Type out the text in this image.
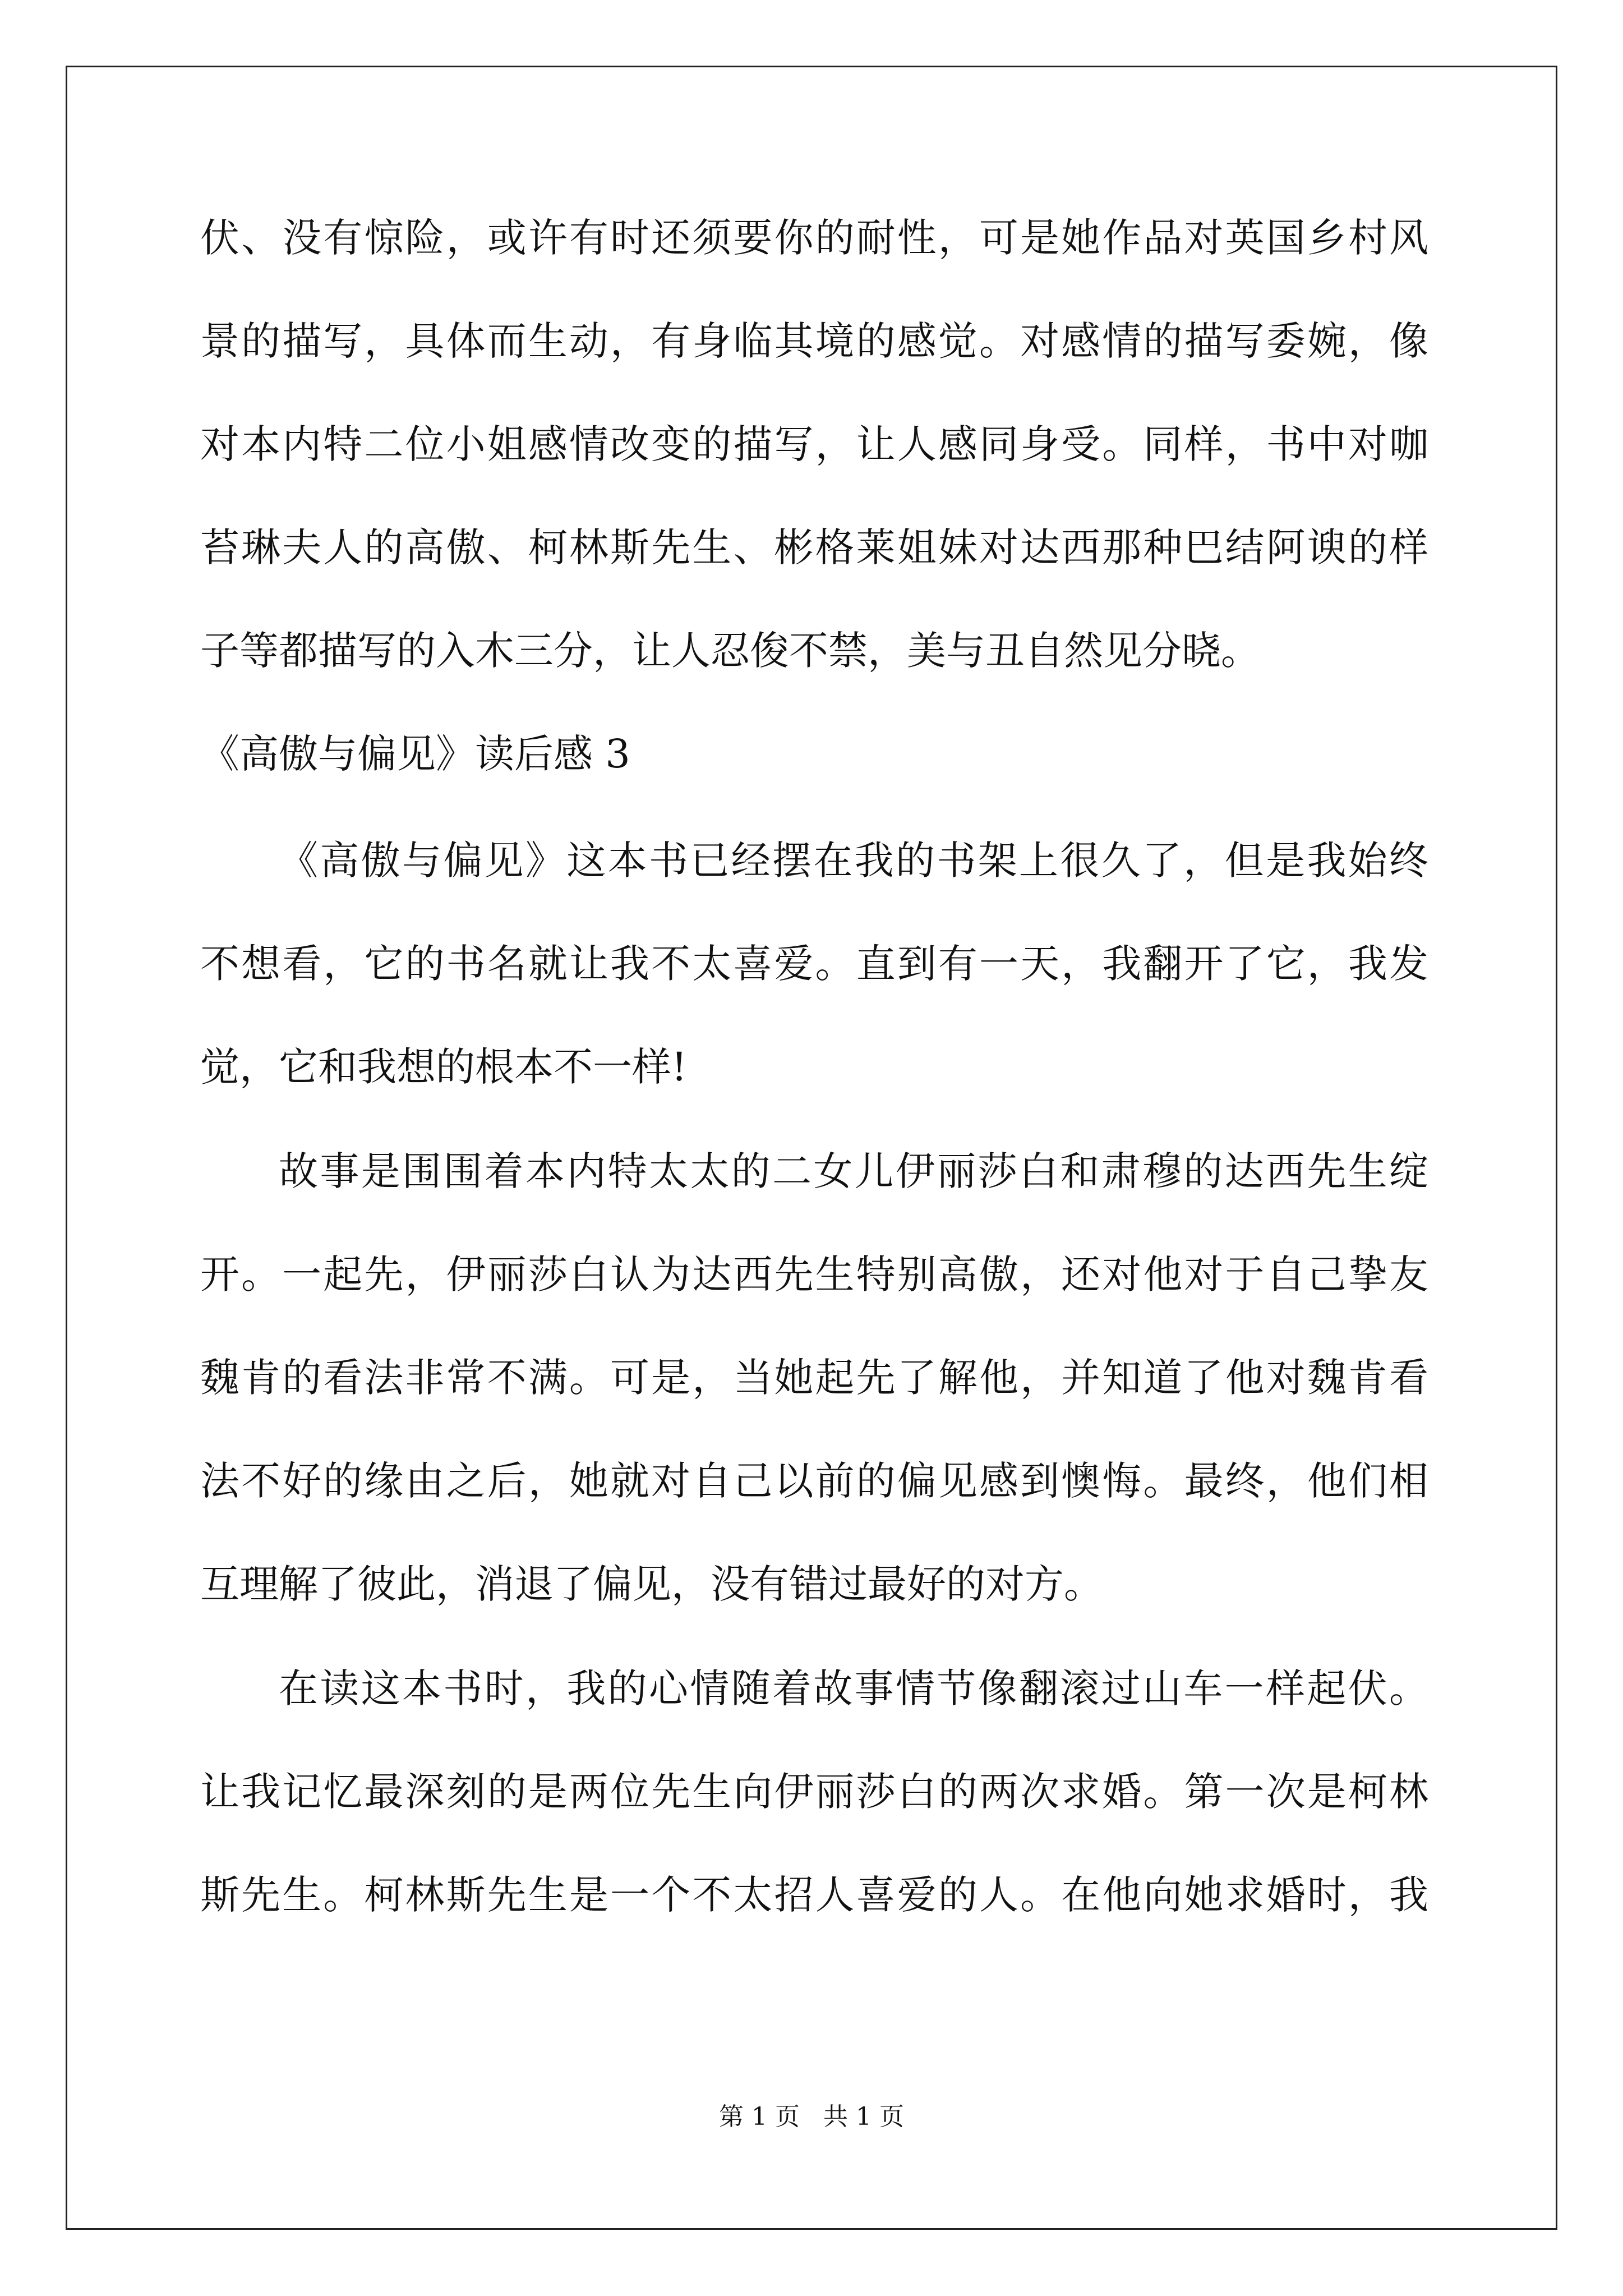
伏、没有惊险，或许有时还须要你的耐性，可是她作品对英国乡村风
景的描写，具体而生动，有身临其境的感觉。对感情的描写委婉，像
对本内特二位小姐感情改变的描写，让人感同身受。同样，书中对咖
苔琳夫人的高傲、柯林斯先生、彬格莱姐妹对达西那种巴结阿谀的样
子等都描写的入木三分，让人忍俊不禁，美与丑自然见分晓。
《高傲与偏见》读后感 3
《高傲与偏见》这本书已经摆在我的书架上很久了，但是我始终
不想看，它的书名就让我不太喜爱。直到有一天，我翻开了它，我发
觉，它和我想的根本不一样!
故事是围围着本内特太太的二女儿伊丽莎白和肃穆的达西先生绽
开。一起先，伊丽莎白认为达西先生特别高傲，还对他对于自己挚友
魏肯的看法非常不满。可是，当她起先了解他，并知道了他对魏肯看
法不好的缘由之后，她就对自己以前的偏见感到懊悔。最终，他们相
互理解了彼此，消退了偏见，没有错过最好的对方。
在读这本书时，我的心情随着故事情节像翻滚过山车一样起伏。
让我记忆最深刻的是两位先生向伊丽莎白的两次求婚。第一次是柯林
斯先生。柯林斯先生是一个不太招人喜爱的人。在他向她求婚时，我
第 1 页 共 1 页
